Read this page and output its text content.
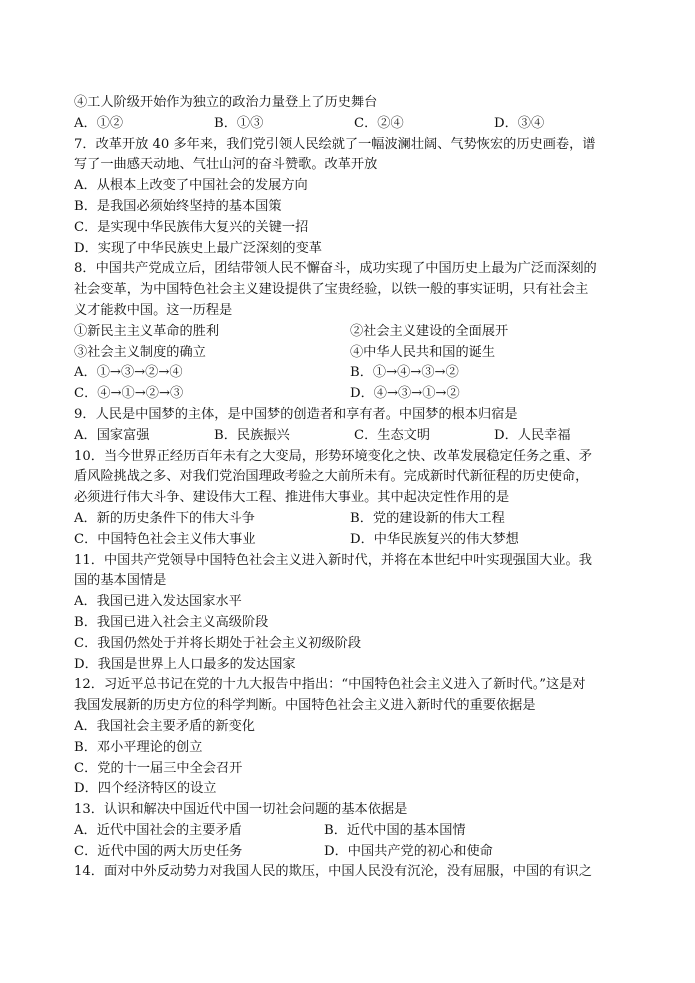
④工人阶级开始作为独立的政治力量登上了历史舞台
A．①②	B．①③	C．②④	D．③④
7．改革开放 40 多年来，我们党引领人民绘就了一幅波澜壮阔、气势恢宏的历史画卷，谱
写了一曲感天动地、气壮山河的奋斗赞歌。改革开放
A．从根本上改变了中国社会的发展方向
B．是我国必须始终坚持的基本国策
C．是实现中华民族伟大复兴的关键一招
D．实现了中华民族史上最广泛深刻的变革
8．中国共产党成立后，团结带领人民不懈奋斗，成功实现了中国历史上最为广泛而深刻的
社会变革，为中国特色社会主义建设提供了宝贵经验，以铁一般的事实证明，只有社会主
义才能救中国。这一历程是
①新民主主义革命的胜利	②社会主义建设的全面展开
③社会主义制度的确立	④中华人民共和国的诞生
A．①→③→②→④	B．①→④→③→②
C．④→①→②→③	D．④→③→①→②
9．人民是中国梦的主体，是中国梦的创造者和享有者。中国梦的根本归宿是
A．国家富强	B．民族振兴	C．生态文明	D．人民幸福
10．当今世界正经历百年未有之大变局，形势环境变化之快、改革发展稳定任务之重、矛
盾风险挑战之多、对我们党治国理政考验之大前所未有。完成新时代新征程的历史使命，
必须进行伟大斗争、建设伟大工程、推进伟大事业。其中起决定性作用的是
A．新的历史条件下的伟大斗争	B．党的建设新的伟大工程
C．中国特色社会主义伟大事业	D．中华民族复兴的伟大梦想
11．中国共产党领导中国特色社会主义进入新时代，并将在本世纪中叶实现强国大业。我
国的基本国情是
A．我国已进入发达国家水平
B．我国已进入社会主义高级阶段
C．我国仍然处于并将长期处于社会主义初级阶段
D．我国是世界上人口最多的发达国家
12．习近平总书记在党的十九大报告中指出：“中国特色社会主义进入了新时代。”这是对
我国发展新的历史方位的科学判断。中国特色社会主义进入新时代的重要依据是
A．我国社会主要矛盾的新变化
B．邓小平理论的创立
C．党的十一届三中全会召开
D．四个经济特区的设立
13．认识和解决中国近代中国一切社会问题的基本依据是
A．近代中国社会的主要矛盾	B．近代中国的基本国情
C．近代中国的两大历史任务	D．中国共产党的初心和使命
14．面对中外反动势力对我国人民的欺压，中国人民没有沉沦，没有屈服，中国的有识之
